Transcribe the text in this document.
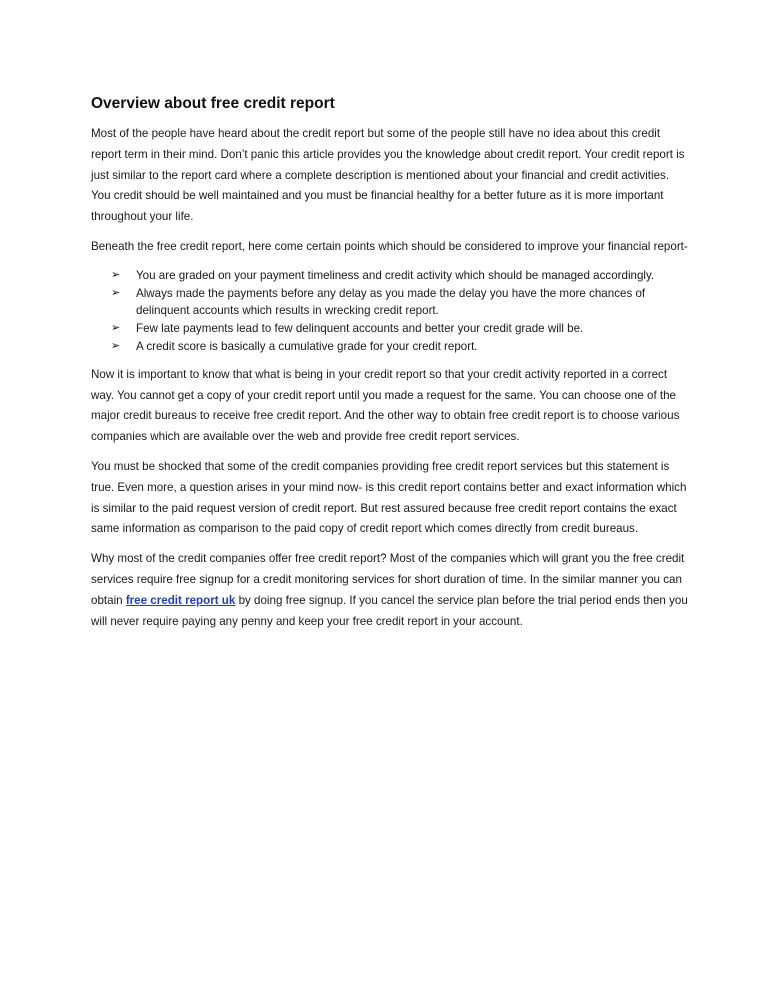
Overview about free credit report

Most of the people have heard about the credit report but some of the people still have no idea about this credit report term in their mind. Don’t panic this article provides you the knowledge about credit report. Your credit report is just similar to the report card where a complete description is mentioned about your financial and credit activities. You credit should be well maintained and you must be financial healthy for a better future as it is more important throughout your life.

Beneath the free credit report, here come certain points which should be considered to improve your financial report-

➢ You are graded on your payment timeliness and credit activity which should be managed accordingly.
➢ Always made the payments before any delay as you made the delay you have the more chances of delinquent accounts which results in wrecking credit report.
➢ Few late payments lead to few delinquent accounts and better your credit grade will be.
➢ A credit score is basically a cumulative grade for your credit report.

Now it is important to know that what is being in your credit report so that your credit activity reported in a correct way. You cannot get a copy of your credit report until you made a request for the same. You can choose one of the major credit bureaus to receive free credit report. And the other way to obtain free credit report is to choose various companies which are available over the web and provide free credit report services.

You must be shocked that some of the credit companies providing free credit report services but this statement is true. Even more, a question arises in your mind now- is this credit report contains better and exact information which is similar to the paid request version of credit report. But rest assured because free credit report contains the exact same information as comparison to the paid copy of credit report which comes directly from credit bureaus.

Why most of the credit companies offer free credit report? Most of the companies which will grant you the free credit services require free signup for a credit monitoring services for short duration of time. In the similar manner you can obtain free credit report uk by doing free signup. If you cancel the service plan before the trial period ends then you will never require paying any penny and keep your free credit report in your account.
